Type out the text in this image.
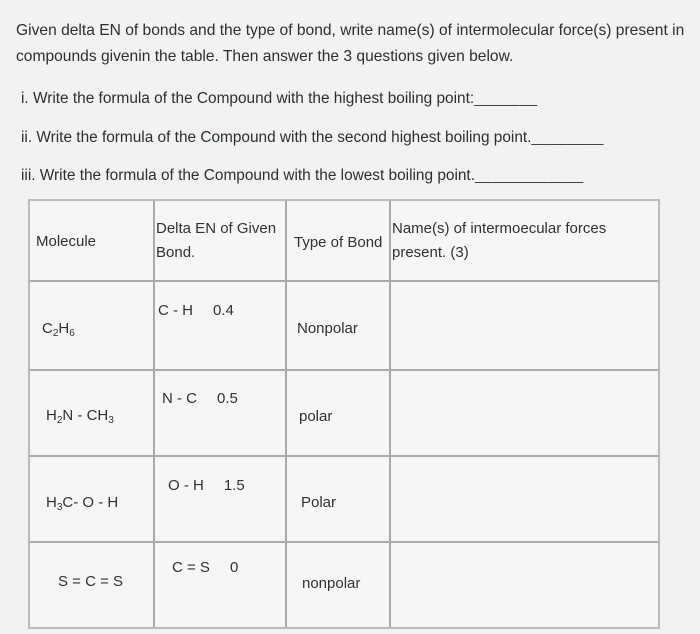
Given delta EN of bonds and the type of bond, write name(s) of intermolecular force(s) present in compounds givenin the table. Then answer the 3 questions given below.
i. Write the formula of the Compound with the highest boiling point:_______
ii. Write the formula of the Compound with the second highest boiling point.________
iii. Write the formula of the Compound with the lowest boiling point.____________
Molecule
Delta EN of Given
Bond.
Type of Bond
Name(s) of intermoecular forces
present. (3)
$C_2H_6$
C - H 0.4
Nonpolar
$H_2N - CH_3$
N - C 0.5
polar
$H_3C-$ O - H
O - H 1.5
Polar
S = C = S
C = S 0
nonpolar
